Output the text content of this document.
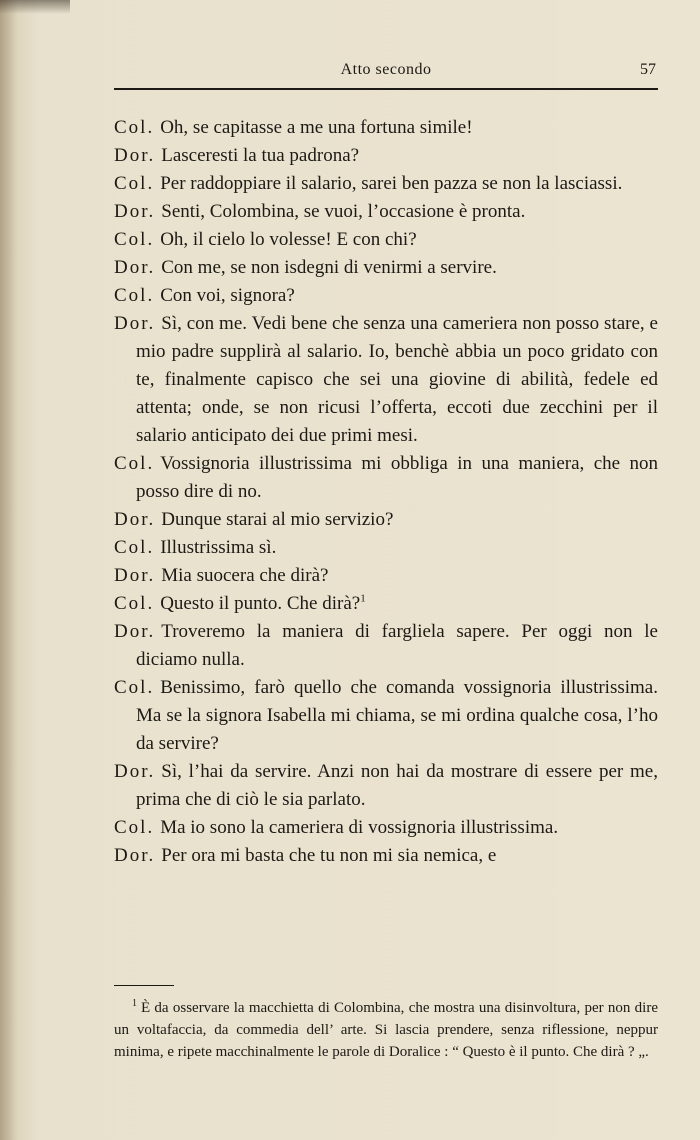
Atto secondo	57

Col. Oh, se capitasse a me una fortuna simile!

Dor. Lasceresti la tua padrona?

Col. Per raddoppiare il salario, sarei ben pazza se non la lasciassi.

Dor. Senti, Colombina, se vuoi, l’occasione è pronta.

Col. Oh, il cielo lo volesse! E con chi?

Dor. Con me, se non isdegni di venirmi a servire.

Col. Con voi, signora?

Dor. Sì, con me. Vedi bene che senza una cameriera non posso stare, e mio padre supplirà al salario. Io, benchè abbia un poco gridato con te, finalmente capisco che sei una giovine di abilità, fedele ed attenta; onde, se non ricusi l’offerta, eccoti due zecchini per il salario anticipato dei due primi mesi.

Col. Vossignoria illustrissima mi obbliga in una maniera, che non posso dire di no.

Dor. Dunque starai al mio servizio?

Col. Illustrissima sì.

Dor. Mia suocera che dirà?

Col. Questo il punto. Che dirà?$^1$

Dor. Troveremo la maniera di fargliela sapere. Per oggi non le diciamo nulla.

Col. Benissimo, farò quello che comanda vossignoria illustrissima. Ma se la signora Isabella mi chiama, se mi ordina qualche cosa, l’ho da servire?

Dor. Sì, l’hai da servire. Anzi non hai da mostrare di essere per me, prima che di ciò le sia parlato.

Col. Ma io sono la cameriera di vossignoria illustrissima.

Dor. Per ora mi basta che tu non mi sia nemica, e

$^1$ È da osservare la macchietta di Colombina, che mostra una disinvoltura, per non dire un voltafaccia, da commedia dell’ arte. Si lascia prendere, senza riflessione, neppur minima, e ripete macchinalmente le parole di Doralice : “ Questo è il punto. Che dirà ? „.
